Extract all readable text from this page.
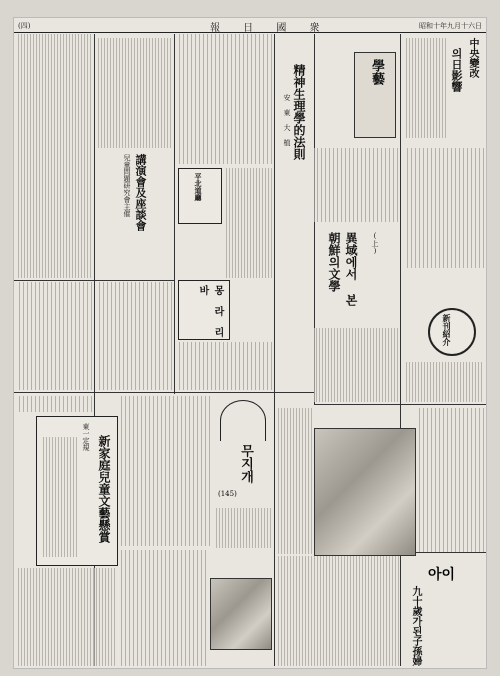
(四)	報 日 國 衆	昭和十年九月十六日
中央變改
의日影響
新刊紹介
學藝
精神生理學的法則
安 東 大 植
異域에서 본 朝鮮의文學	(上)
平北道廳
몽 라 리 바
講演會及座談會
兒童問題研究會主催
新家庭兒童文藝懸賞
東一定規
무지개
(145)
아이
九十歲가된子孫婦
